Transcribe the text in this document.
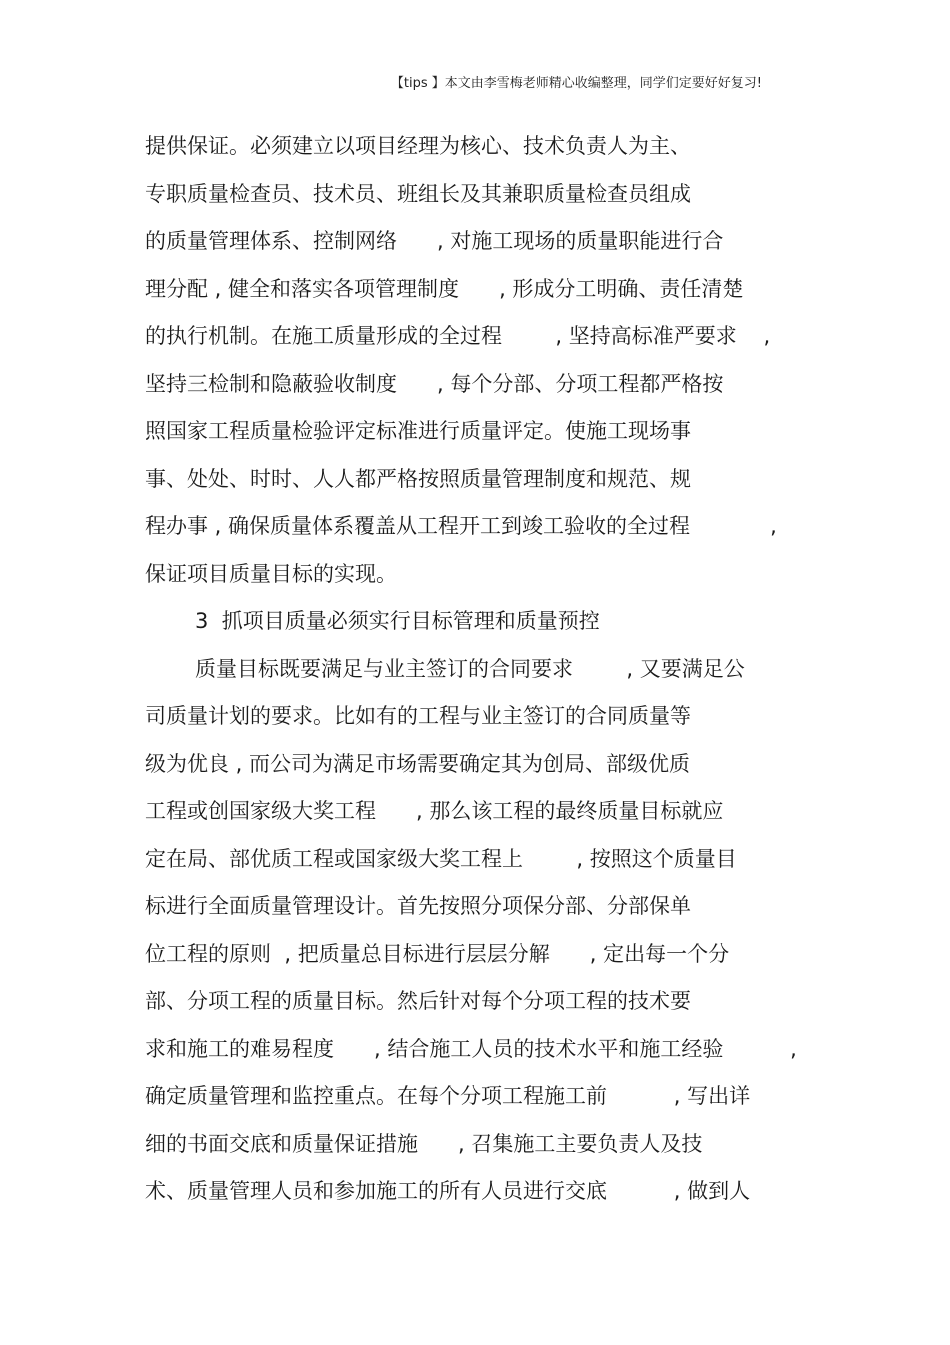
【tips 】本文由李雪梅老师精心收编整理，同学们定要好好复习!
提供保证。必须建立以项目经理为核心、技术负责人为主、
专职质量检查员、技术员、班组长及其兼职质量检查员组成
的质量管理体系、控制网络      , 对施工现场的质量职能进行合
理分配 , 健全和落实各项管理制度      , 形成分工明确、责任清楚
的执行机制。在施工质量形成的全过程        , 坚持高标准严要求    ,
坚持三检制和隐蔽验收制度      , 每个分部、分项工程都严格按
照国家工程质量检验评定标准进行质量评定。使施工现场事
事、处处、时时、人人都严格按照质量管理制度和规范、规
程办事 , 确保质量体系覆盖从工程开工到竣工验收的全过程            ,
保证项目质量目标的实现。
3  抓项目质量必须实行目标管理和质量预控
质量目标既要满足与业主签订的合同要求        , 又要满足公
司质量计划的要求。比如有的工程与业主签订的合同质量等
级为优良 , 而公司为满足市场需要确定其为创局、部级优质
工程或创国家级大奖工程      , 那么该工程的最终质量目标就应
定在局、部优质工程或国家级大奖工程上        , 按照这个质量目
标进行全面质量管理设计。首先按照分项保分部、分部保单
位工程的原则  , 把质量总目标进行层层分解      , 定出每一个分
部、分项工程的质量目标。然后针对每个分项工程的技术要
求和施工的难易程度      , 结合施工人员的技术水平和施工经验          ,
确定质量管理和监控重点。在每个分项工程施工前          , 写出详
细的书面交底和质量保证措施      , 召集施工主要负责人及技
术、质量管理人员和参加施工的所有人员进行交底          , 做到人
